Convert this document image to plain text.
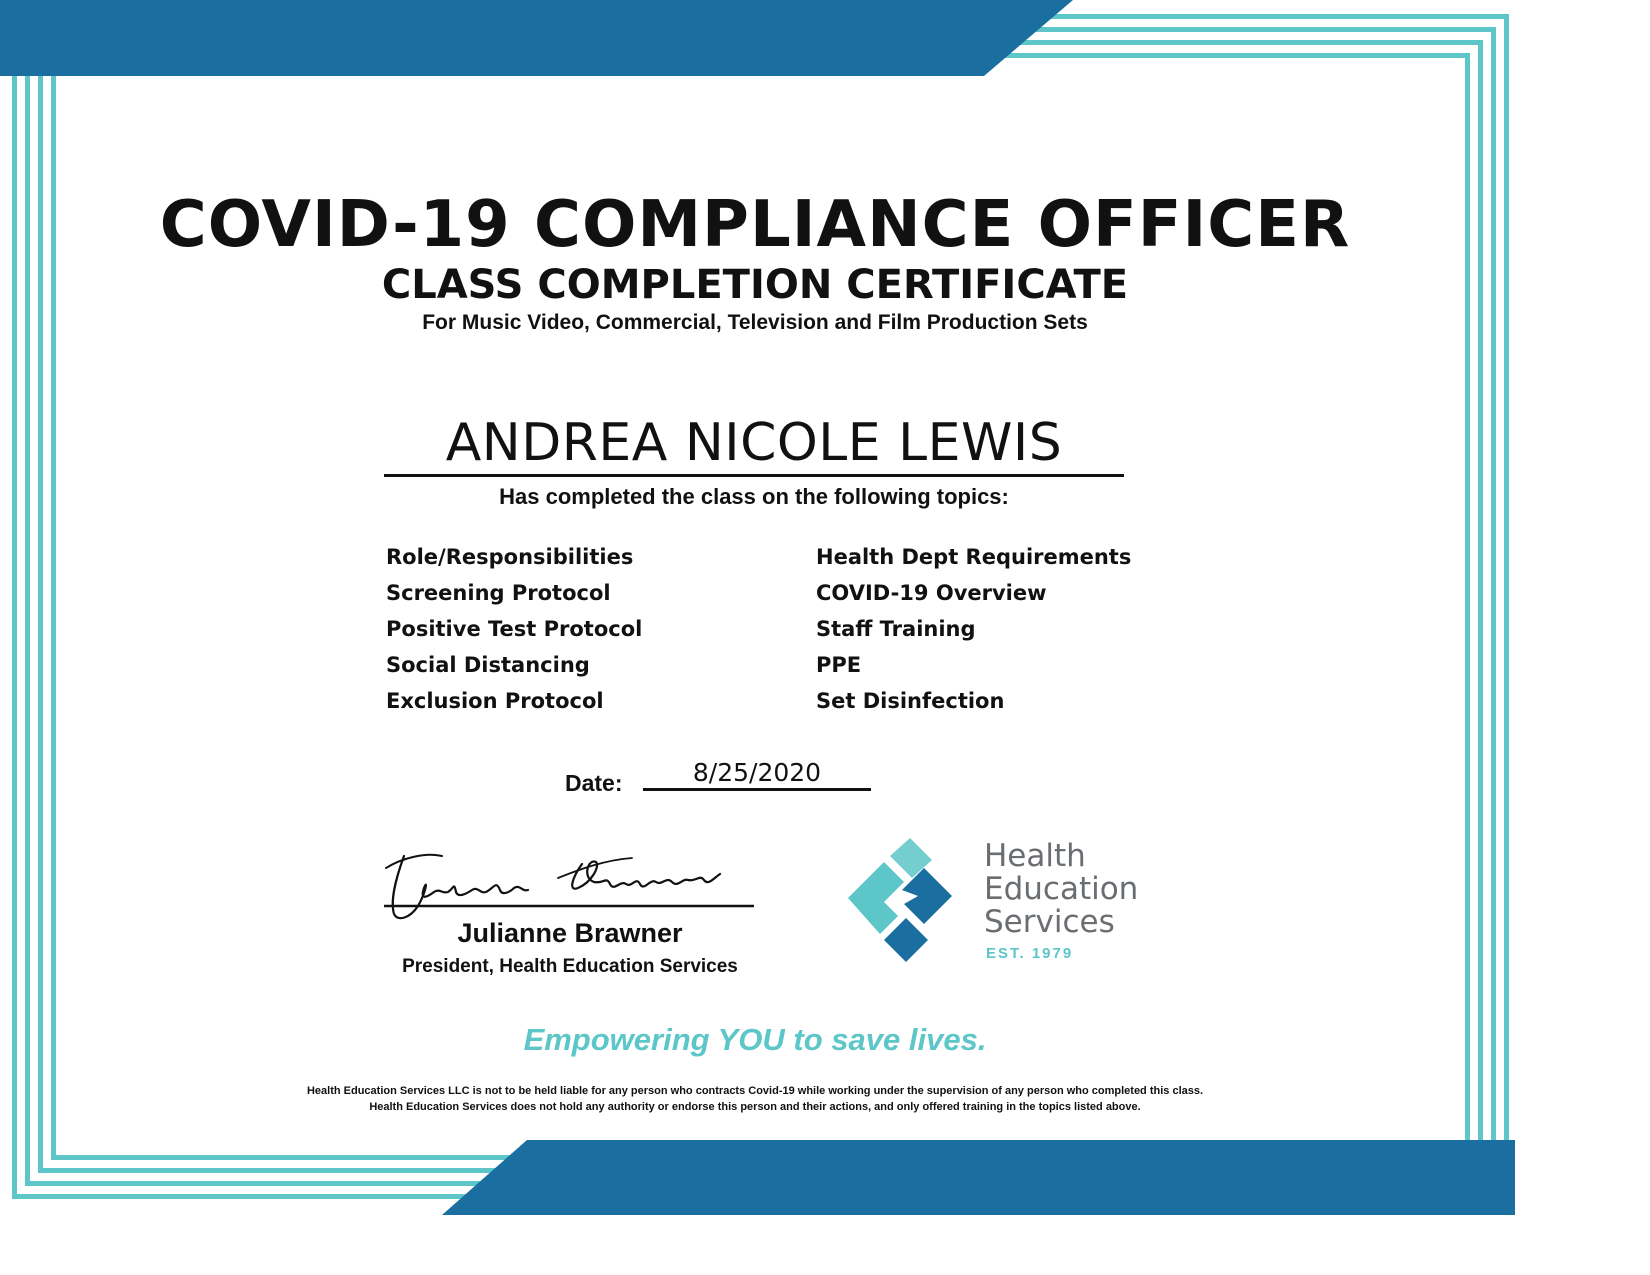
COVID-19 COMPLIANCE OFFICER
CLASS COMPLETION CERTIFICATE
For Music Video, Commercial, Television and Film Production Sets
ANDREA NICOLE LEWIS
Has completed the class on the following topics:
Role/Responsibilities	Health Dept Requirements
Screening Protocol	COVID-19 Overview
Positive Test Protocol	Staff Training
Social Distancing	PPE
Exclusion Protocol	Set Disinfection
Date:	8/25/2020
Julianne Brawner
President, Health Education Services
Health
Education
Services
EST. 1979
Empowering YOU to save lives.
Health Education Services LLC is not to be held liable for any person who contracts Covid-19 while working under the supervision of any person who completed this class.
Health Education Services does not hold any authority or endorse this person and their actions, and only offered training in the topics listed above.
